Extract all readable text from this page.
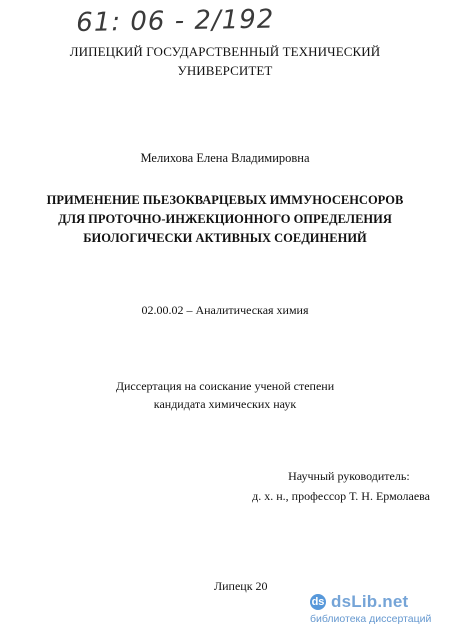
61: 06 - 2/192
ЛИПЕЦКИЙ ГОСУДАРСТВЕННЫЙ ТЕХНИЧЕСКИЙ
УНИВЕРСИТЕТ
Мелихова Елена Владимировна
ПРИМЕНЕНИЕ ПЬЕЗОКВАРЦЕВЫХ ИММУНОСЕНСОРОВ
ДЛЯ ПРОТОЧНО-ИНЖЕКЦИОННОГО ОПРЕДЕЛЕНИЯ
БИОЛОГИЧЕСКИ АКТИВНЫХ СОЕДИНЕНИЙ
02.00.02 – Аналитическая химия
Диссертация на соискание ученой степени
кандидата химических наук
Научный руководитель:
д. х. н., профессор Т. Н. Ермолаева
Липецк 20
ds dsLib.net
библиотека диссертаций
